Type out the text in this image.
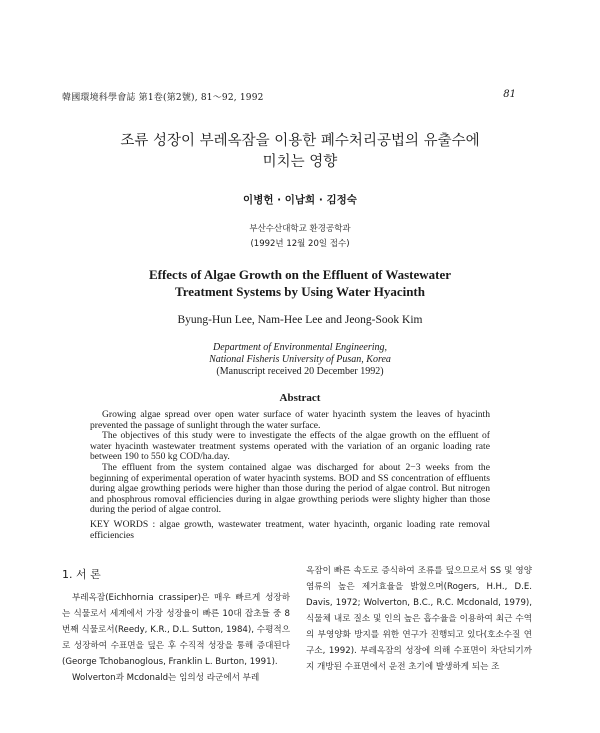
韓國環境科學會誌 第1卷(第2號), 81〜92, 1992	81
조류 성장이 부레옥잠을 이용한 폐수처리공법의 유출수에
미치는 영향
이병헌 · 이남희 · 김정숙
부산수산대학교 환경공학과
(1992년 12월 20일 접수)
Effects of Algae Growth on the Effluent of Wastewater
Treatment Systems by Using Water Hyacinth
Byung-Hun Lee, Nam-Hee Lee and Jeong-Sook Kim
Department of Environmental Engineering,
National Fisheris University of Pusan, Korea
(Manuscript received 20 December 1992)
Abstract

Growing algae spread over open water surface of water hyacinth system the leaves of hyacinth prevented the passage of sunlight through the water surface.

The objectives of this study were to investigate the effects of the algae growth on the effluent of water hyacinth wastewater treatment systems operated with the variation of an organic loading rate between 190 to 550 kg COD/ha.day.

The effluent from the system contained algae was discharged for about 2−3 weeks from the beginning of experimental operation of water hyacinth systems. BOD and SS concentration of effluents during algae growthing periods were higher than those during the period of algae control. But nitrogen and phosphrous romoval efficiencies during in algae growthing periods were slighty higher than those during the period of algae control.

KEY WORDS : algae growth, wastewater treatment, water hyacinth, organic loading rate removal efficiencies

1. 서 론

부레옥잠(Eichhornia crassiper)은 매우 빠르게 성장하는 식물로서 세계에서 가장 성장율이 빠른 10대 잡초들 중 8번째 식물로서(Reedy, K.R., D.L. Sutton, 1984), 수평적으로 성장하여 수표면을 덮은 후 수직적 성장을 통해 증대된다(George Tchobanoglous, Franklin L. Burton, 1991).

Wolverton과 Mcdonald는 임의성 라군에서 부레

옥잠이 빠른 속도로 증식하여 조류를 덮으므로서 SS 및 영양염류의 높은 제거효율을 밝혔으며(Rogers, H.H., D.E. Davis, 1972; Wolverton, B.C., R.C. Mcdonald, 1979), 식물체 내로 질소 및 인의 높은 흡수율을 이용하여 최근 수역의 부영양화 방지를 위한 연구가 진행되고 있다(호소수질 연구소, 1992). 부레옥잠의 성장에 의해 수표면이 차단되기까지 개방된 수표면에서 운전 초기에 발생하게 되는 조
